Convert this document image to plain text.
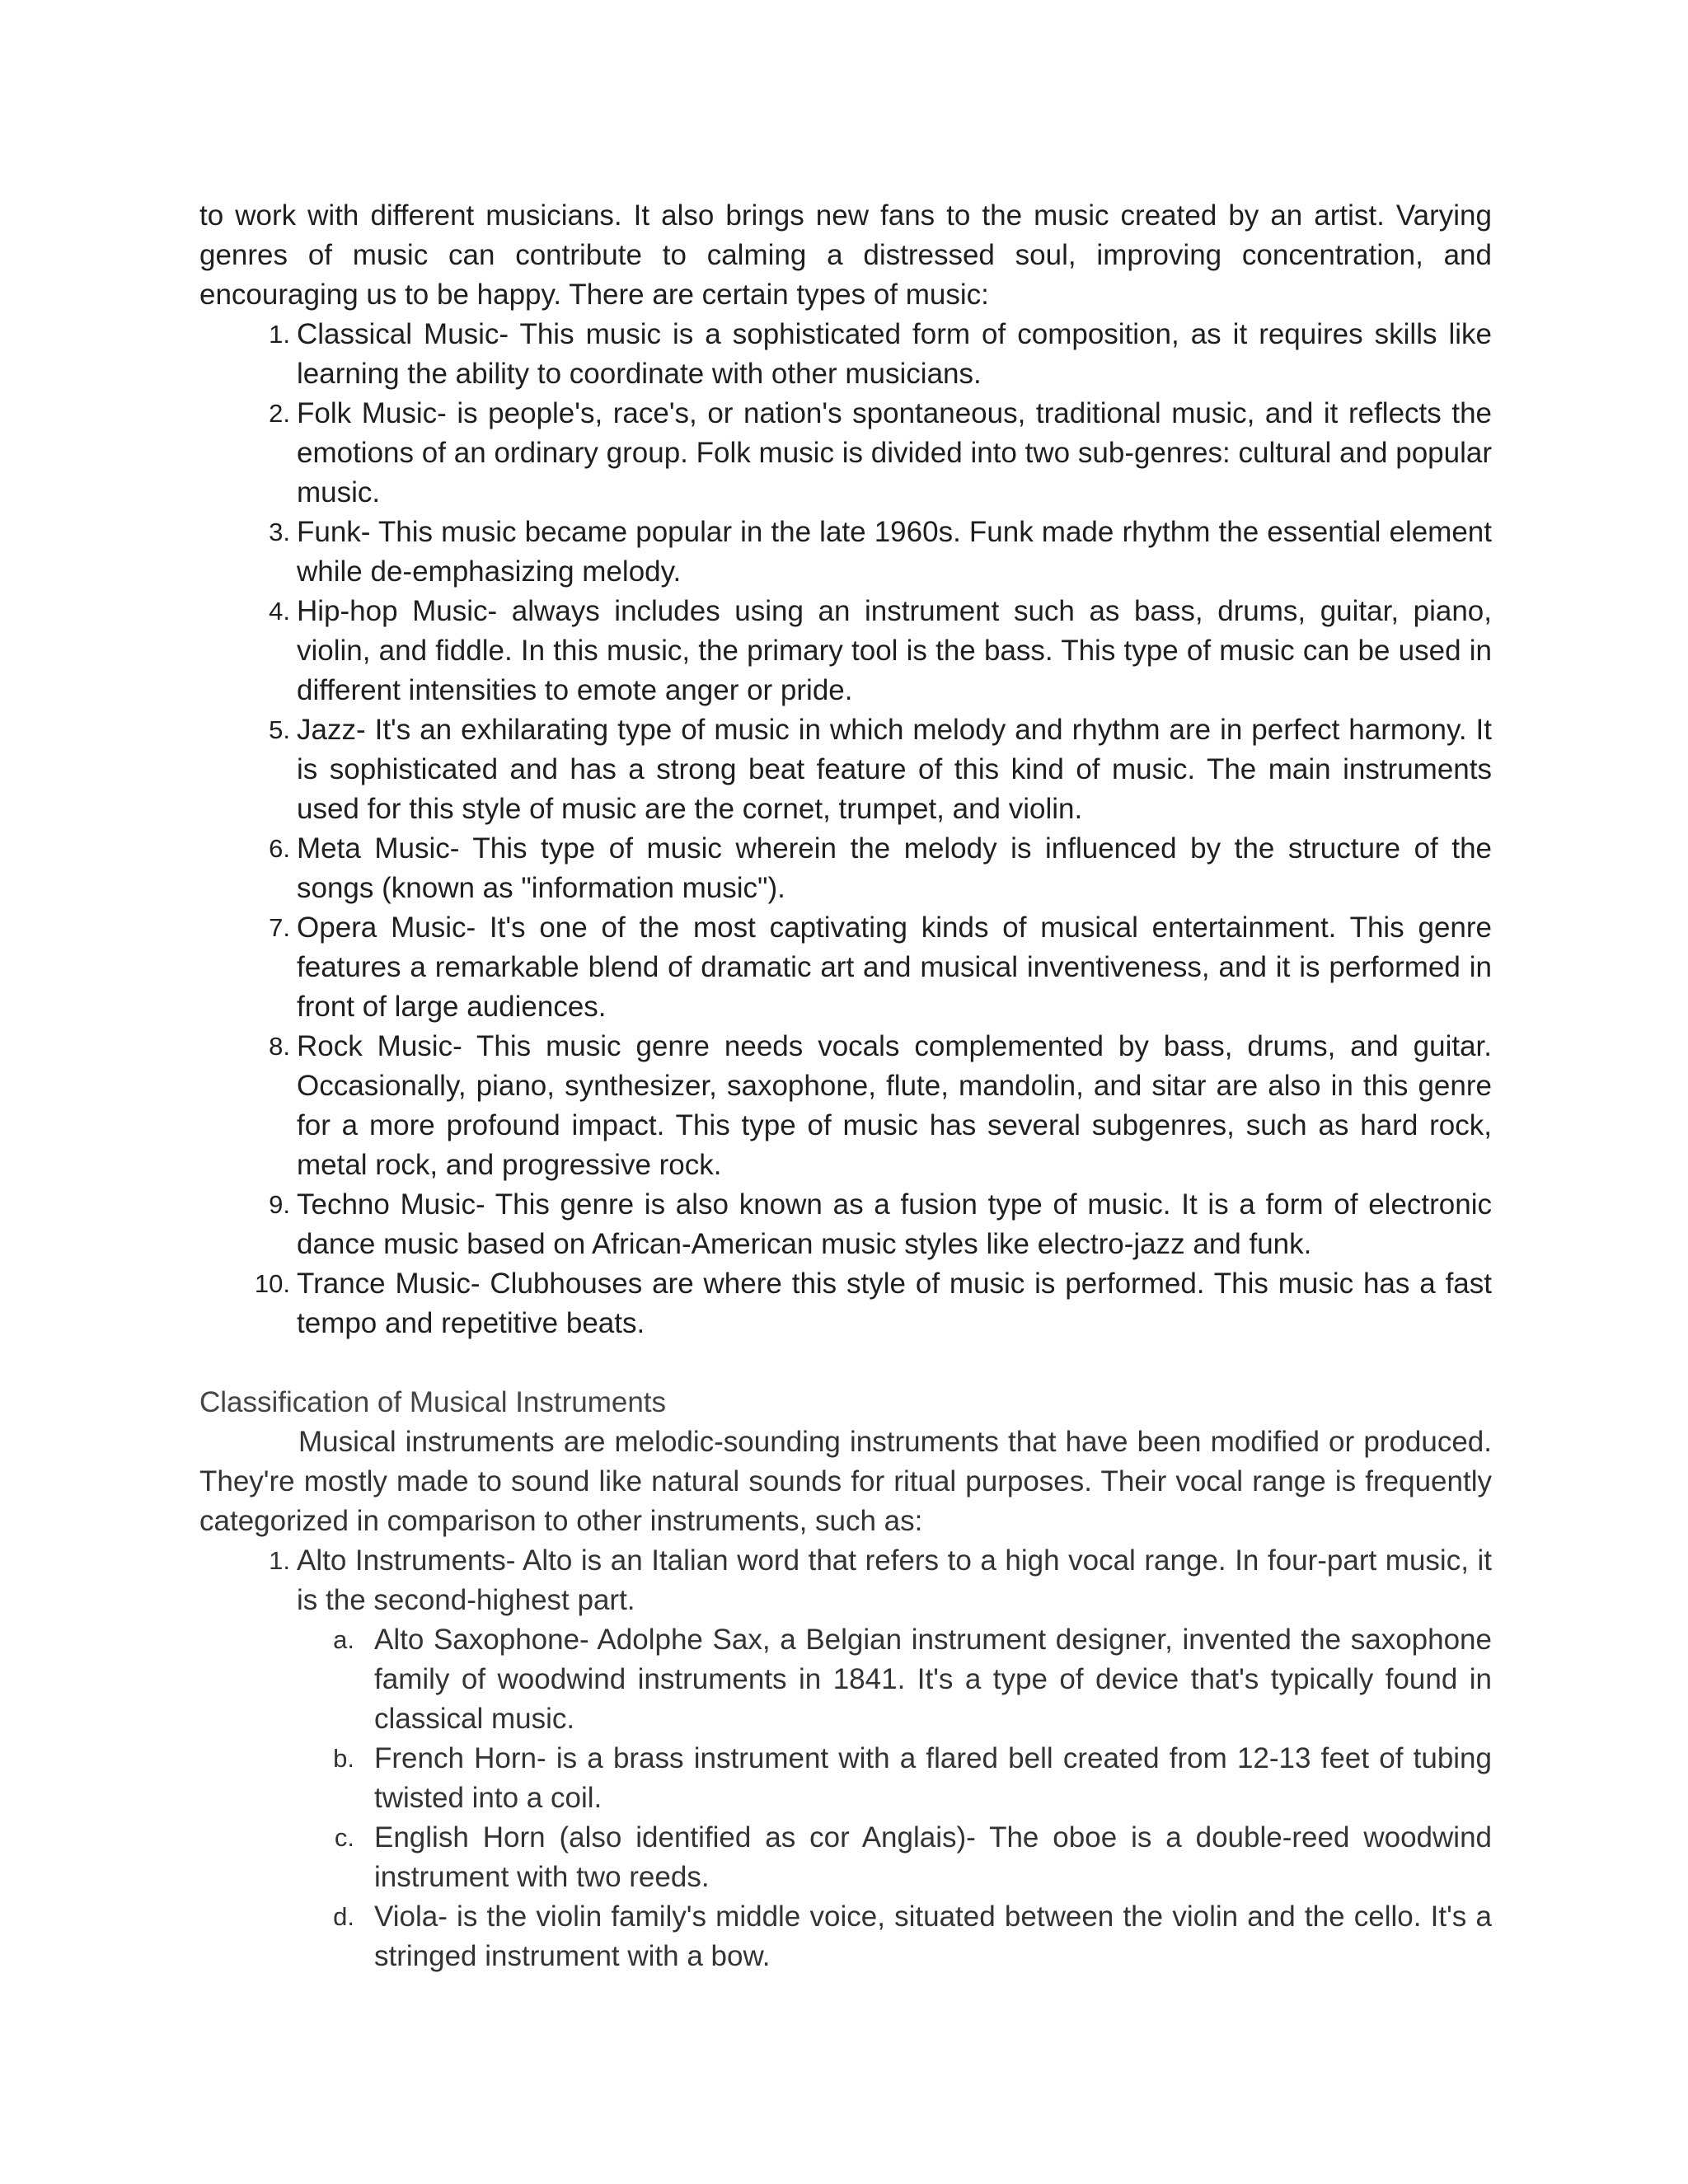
to work with different musicians. It also brings new fans to the music created by an artist. Varying genres of music can contribute to calming a distressed soul, improving concentration, and encouraging us to be happy. There are certain types of music:

1. Classical Music- This music is a sophisticated form of composition, as it requires skills like learning the ability to coordinate with other musicians.
2. Folk Music- is people's, race's, or nation's spontaneous, traditional music, and it reflects the emotions of an ordinary group. Folk music is divided into two sub-genres: cultural and popular music.
3. Funk- This music became popular in the late 1960s. Funk made rhythm the essential element while de-emphasizing melody.
4. Hip-hop Music- always includes using an instrument such as bass, drums, guitar, piano, violin, and fiddle. In this music, the primary tool is the bass. This type of music can be used in different intensities to emote anger or pride.
5. Jazz- It's an exhilarating type of music in which melody and rhythm are in perfect harmony. It is sophisticated and has a strong beat feature of this kind of music. The main instruments used for this style of music are the cornet, trumpet, and violin.
6. Meta Music- This type of music wherein the melody is influenced by the structure of the songs (known as "information music").
7. Opera Music- It's one of the most captivating kinds of musical entertainment. This genre features a remarkable blend of dramatic art and musical inventiveness, and it is performed in front of large audiences.
8. Rock Music- This music genre needs vocals complemented by bass, drums, and guitar. Occasionally, piano, synthesizer, saxophone, flute, mandolin, and sitar are also in this genre for a more profound impact. This type of music has several subgenres, such as hard rock, metal rock, and progressive rock.
9. Techno Music- This genre is also known as a fusion type of music. It is a form of electronic dance music based on African-American music styles like electro-jazz and funk.
10. Trance Music- Clubhouses are where this style of music is performed. This music has a fast tempo and repetitive beats.

Classification of Musical Instruments

Musical instruments are melodic-sounding instruments that have been modified or produced. They're mostly made to sound like natural sounds for ritual purposes. Their vocal range is frequently categorized in comparison to other instruments, such as:

1. Alto Instruments- Alto is an Italian word that refers to a high vocal range. In four-part music, it is the second-highest part.
a. Alto Saxophone- Adolphe Sax, a Belgian instrument designer, invented the saxophone family of woodwind instruments in 1841. It's a type of device that's typically found in classical music.
b. French Horn- is a brass instrument with a flared bell created from 12-13 feet of tubing twisted into a coil.
c. English Horn (also identified as cor Anglais)- The oboe is a double-reed woodwind instrument with two reeds.
d. Viola- is the violin family's middle voice, situated between the violin and the cello. It's a stringed instrument with a bow.
